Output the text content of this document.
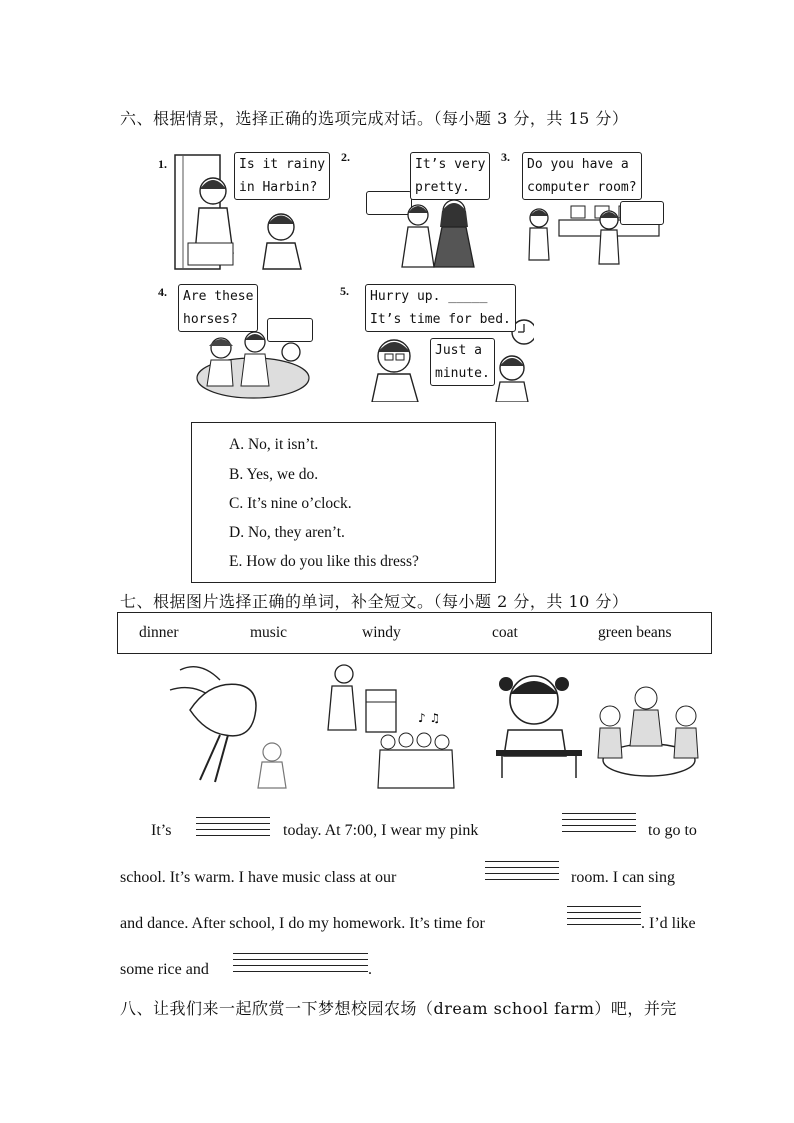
六、根据情景，选择正确的选项完成对话。（每小题 3 分，共 15 分）
1.	Is it rainy
in Harbin?
2.	It’s very
pretty.
3. Do you have a
computer room?
4. Are these
horses?
5. Hurry up. _____
It’s time for bed.
Just a
minute.
A. No, it isn’t.
B. Yes, we do.
C. It’s nine o’clock.
D. No, they aren’t.
E. How do you like this dress?
七、根据图片选择正确的单词，补全短文。（每小题 2 分，共 10 分）
dinner	music	windy	coat	green beans
♪ ♫
It’s	today. At 7:00, I wear my pink	to go to
school. It’s warm. I have music class at our	room. I can sing
and dance. After school, I do my homework. It’s time for	. I’d like
some rice and	.
八、让我们来一起欣赏一下梦想校园农场（dream school farm）吧，并完
